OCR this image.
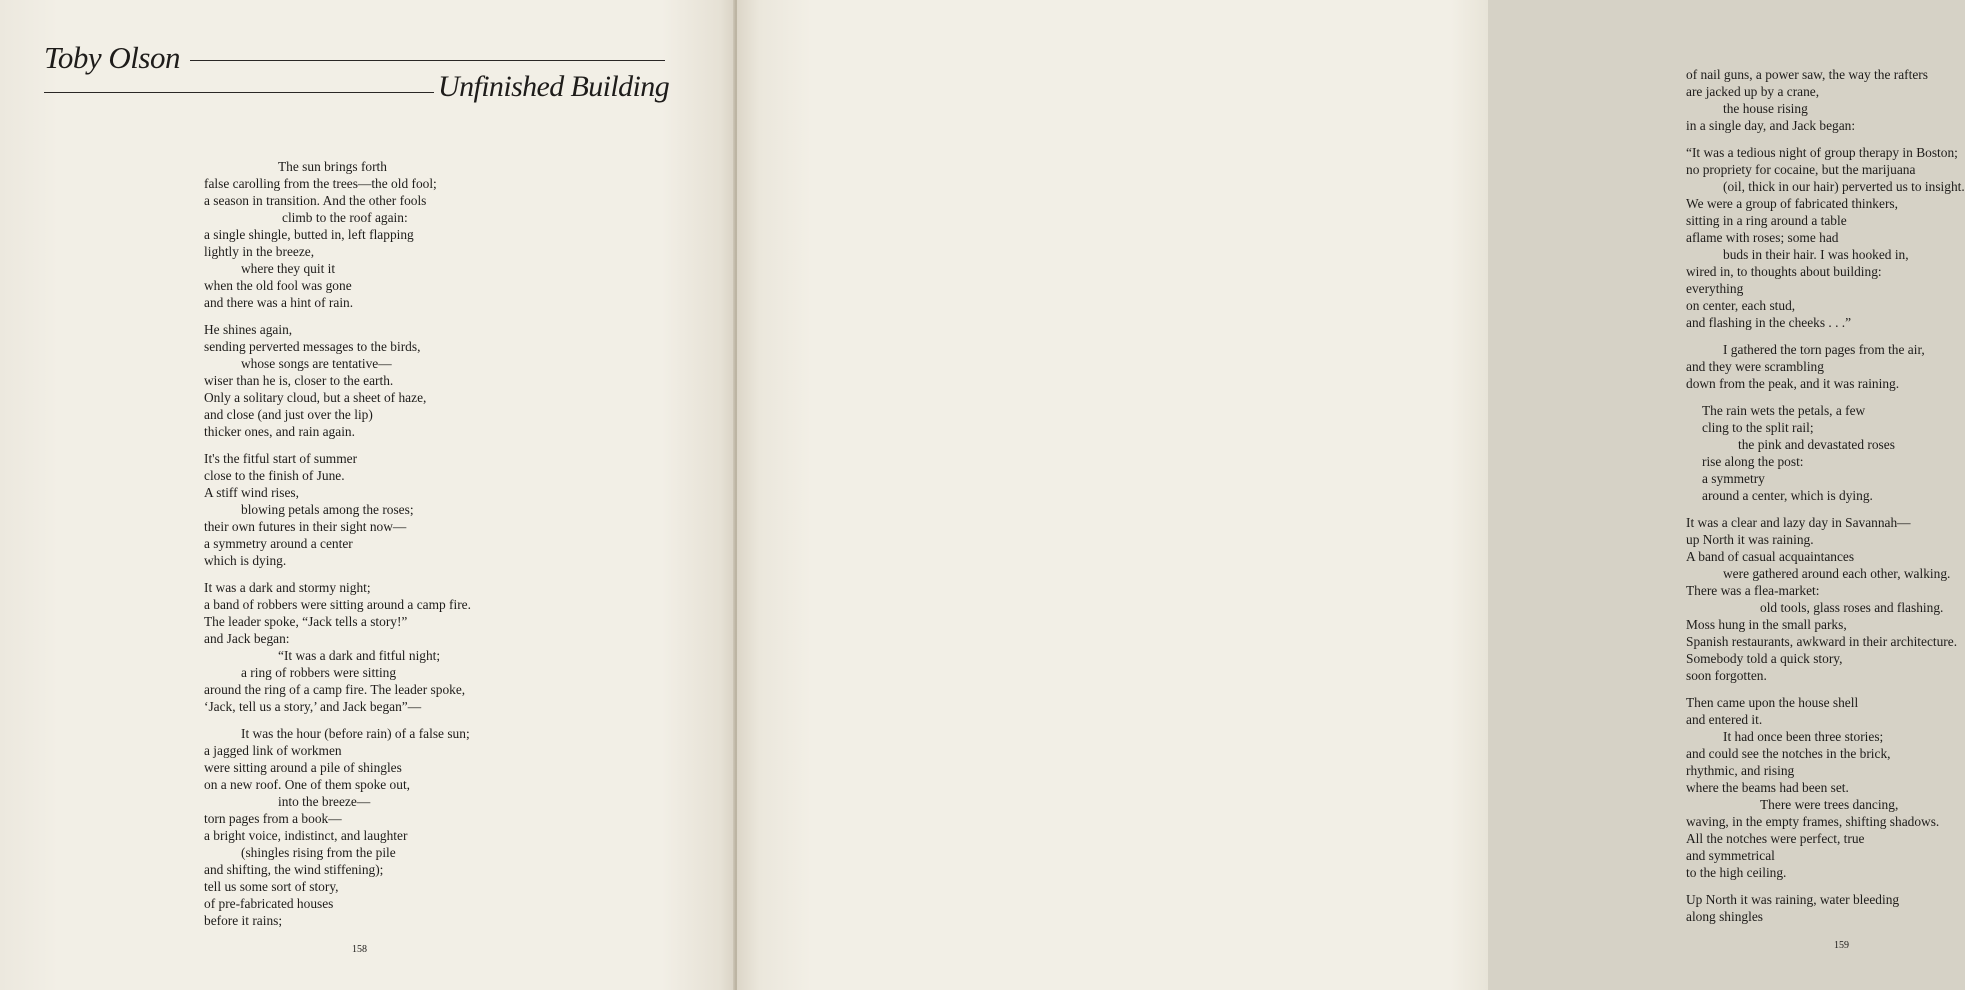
Toby Olson
Unfinished Building
The sun brings forth
false carolling from the trees—the old fool;
a season in transition. And the other fools
climb to the roof again:
a single shingle, butted in, left flapping
lightly in the breeze,
where they quit it
when the old fool was gone
and there was a hint of rain.
He shines again,
sending perverted messages to the birds,
whose songs are tentative—
wiser than he is, closer to the earth.
Only a solitary cloud, but a sheet of haze,
and close (and just over the lip)
thicker ones, and rain again.
It's the fitful start of summer
close to the finish of June.
A stiff wind rises,
blowing petals among the roses;
their own futures in their sight now—
a symmetry around a center
which is dying.
It was a dark and stormy night;
a band of robbers were sitting around a camp fire.
The leader spoke, “Jack tells a story!”
and Jack began:
“It was a dark and fitful night;
a ring of robbers were sitting
around the ring of a camp fire. The leader spoke,
‘Jack, tell us a story,’ and Jack began”—
It was the hour (before rain) of a false sun;
a jagged link of workmen
were sitting around a pile of shingles
on a new roof. One of them spoke out,
into the breeze—
torn pages from a book—
a bright voice, indistinct, and laughter
(shingles rising from the pile
and shifting, the wind stiffening);
tell us some sort of story,
of pre-fabricated houses
before it rains;
158
of nail guns, a power saw, the way the rafters
are jacked up by a crane,
the house rising
in a single day, and Jack began:
“It was a tedious night of group therapy in Boston;
no propriety for cocaine, but the marijuana
(oil, thick in our hair) perverted us to insight.
We were a group of fabricated thinkers,
sitting in a ring around a table
aflame with roses; some had
buds in their hair. I was hooked in,
wired in, to thoughts about building:
everything
on center, each stud,
and flashing in the cheeks . . .”
I gathered the torn pages from the air,
and they were scrambling
down from the peak, and it was raining.
The rain wets the petals, a few
cling to the split rail;
the pink and devastated roses
rise along the post:
a symmetry
around a center, which is dying.
It was a clear and lazy day in Savannah—
up North it was raining.
A band of casual acquaintances
were gathered around each other, walking.
There was a flea-market:
old tools, glass roses and flashing.
Moss hung in the small parks,
Spanish restaurants, awkward in their architecture.
Somebody told a quick story,
soon forgotten.
Then came upon the house shell
and entered it.
It had once been three stories;
and could see the notches in the brick,
rhythmic, and rising
where the beams had been set.
There were trees dancing,
waving, in the empty frames, shifting shadows.
All the notches were perfect, true
and symmetrical
to the high ceiling.
Up North it was raining, water bleeding
along shingles
159
